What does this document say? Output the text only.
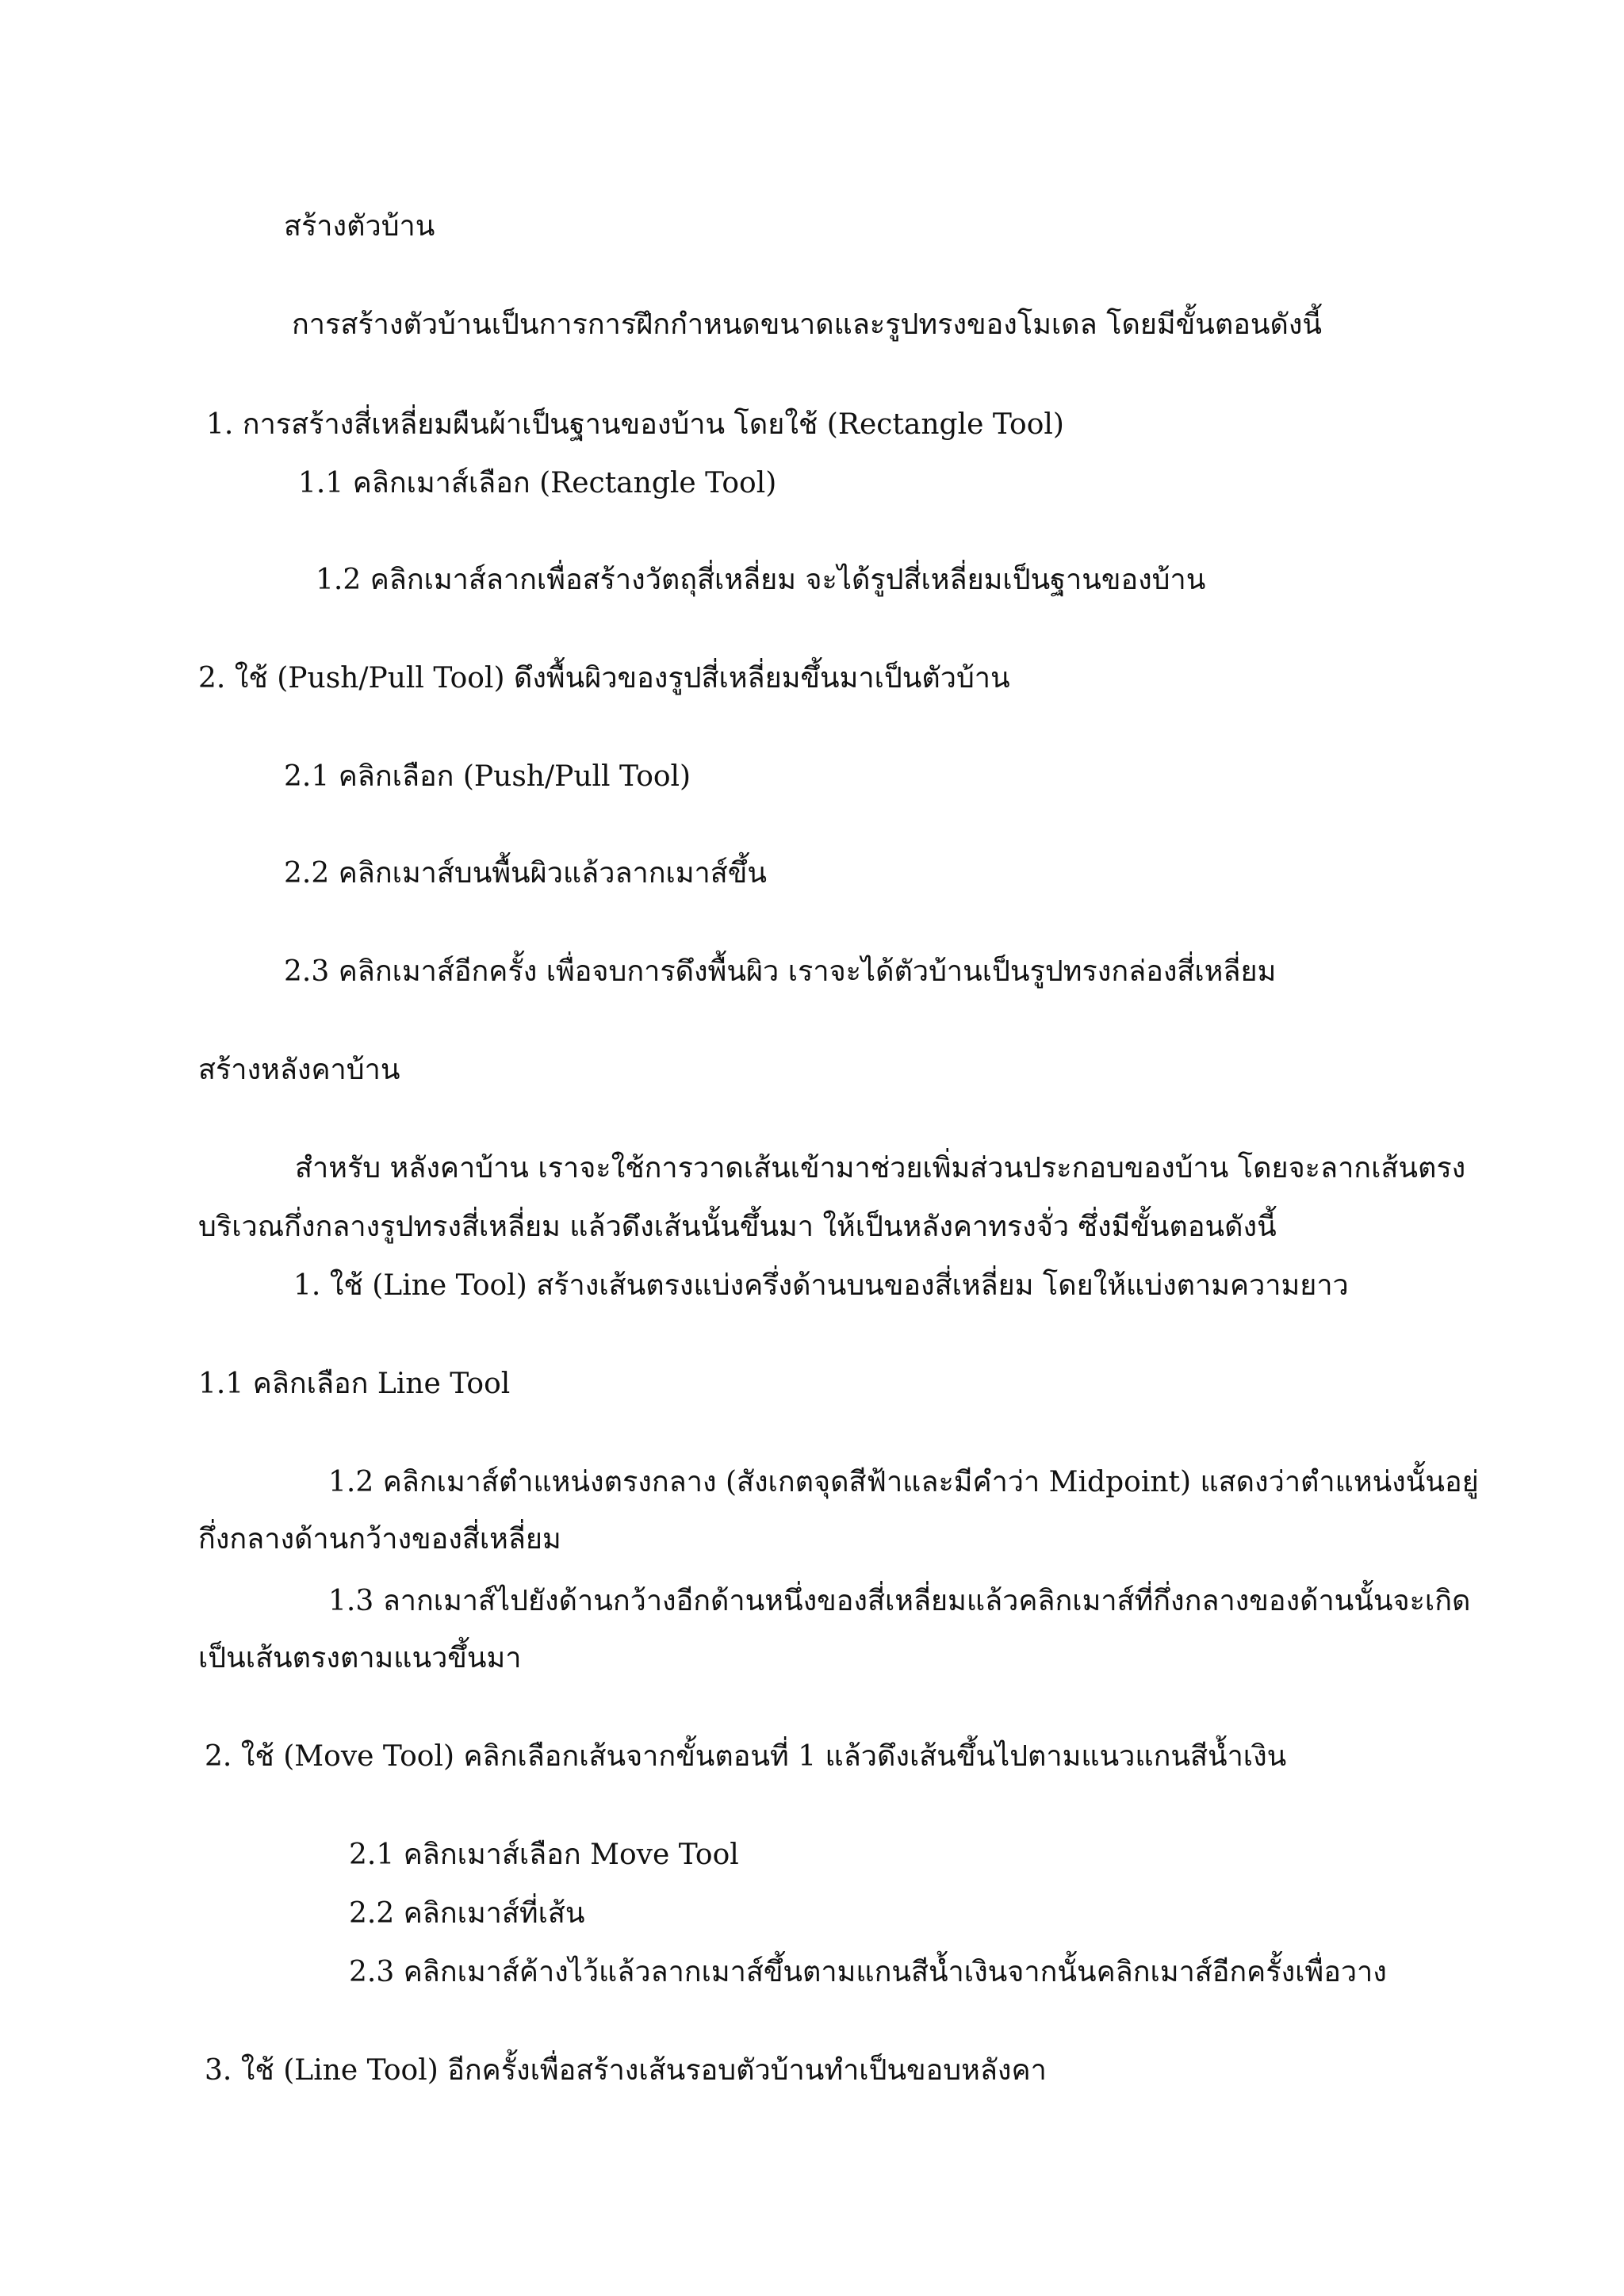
สร้างตัวบ้าน
การสร้างตัวบ้านเป็นการการฝึกกำหนดขนาดและรูปทรงของโมเดล โดยมีขั้นตอนดังนี้
1. การสร้างสี่เหลี่ยมผืนผ้าเป็นฐานของบ้าน โดยใช้ (Rectangle Tool)
1.1 คลิกเมาส์เลือก (Rectangle Tool)
1.2 คลิกเมาส์ลากเพื่อสร้างวัตถุสี่เหลี่ยม จะได้รูปสี่เหลี่ยมเป็นฐานของบ้าน
2. ใช้ (Push/Pull Tool) ดึงพื้นผิวของรูปสี่เหลี่ยมขึ้นมาเป็นตัวบ้าน
2.1 คลิกเลือก (Push/Pull Tool)
2.2 คลิกเมาส์บนพื้นผิวแล้วลากเมาส์ขึ้น
2.3 คลิกเมาส์อีกครั้ง เพื่อจบการดึงพื้นผิว เราจะได้ตัวบ้านเป็นรูปทรงกล่องสี่เหลี่ยม
สร้างหลังคาบ้าน
สำหรับ หลังคาบ้าน เราจะใช้การวาดเส้นเข้ามาช่วยเพิ่มส่วนประกอบของบ้าน โดยจะลากเส้นตรง
บริเวณกึ่งกลางรูปทรงสี่เหลี่ยม แล้วดึงเส้นนั้นขึ้นมา ให้เป็นหลังคาทรงจั่ว ซึ่งมีขั้นตอนดังนี้
1. ใช้ (Line Tool) สร้างเส้นตรงแบ่งครึ่งด้านบนของสี่เหลี่ยม โดยให้แบ่งตามความยาว
1.1 คลิกเลือก Line Tool
1.2 คลิกเมาส์ตำแหน่งตรงกลาง (สังเกตจุดสีฟ้าและมีคำว่า Midpoint) แสดงว่าตำแหน่งนั้นอยู่
กึ่งกลางด้านกว้างของสี่เหลี่ยม
1.3 ลากเมาส์ไปยังด้านกว้างอีกด้านหนึ่งของสี่เหลี่ยมแล้วคลิกเมาส์ที่กึ่งกลางของด้านนั้นจะเกิด
เป็นเส้นตรงตามแนวขึ้นมา
2. ใช้ (Move Tool) คลิกเลือกเส้นจากขั้นตอนที่ 1 แล้วดึงเส้นขึ้นไปตามแนวแกนสีน้ำเงิน
2.1 คลิกเมาส์เลือก Move Tool
2.2 คลิกเมาส์ที่เส้น
2.3 คลิกเมาส์ค้างไว้แล้วลากเมาส์ขึ้นตามแกนสีน้ำเงินจากนั้นคลิกเมาส์อีกครั้งเพื่อวาง
3. ใช้ (Line Tool) อีกครั้งเพื่อสร้างเส้นรอบตัวบ้านทำเป็นขอบหลังคา
